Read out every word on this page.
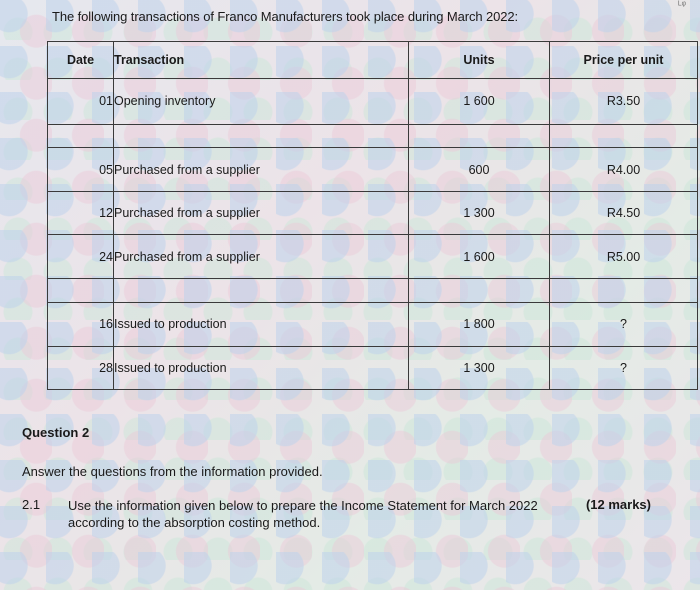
The following transactions of Franco Manufacturers took place during March 2022:
ᴸᵠ
Date	Transaction	Units	Price per unit
01	Opening inventory	1 600	R3.50

05	Purchased from a supplier	600	R4.00
12	Purchased from a supplier	1 300	R4.50
24	Purchased from a supplier	1 600	R5.00

16	Issued to production	1 800	?
28	Issued to production	1 300	?
Question 2
Answer the questions from the information provided.
2.1 Use the information given below to prepare the Income Statement for March 2022 according to the absorption costing method.
(12 marks)
